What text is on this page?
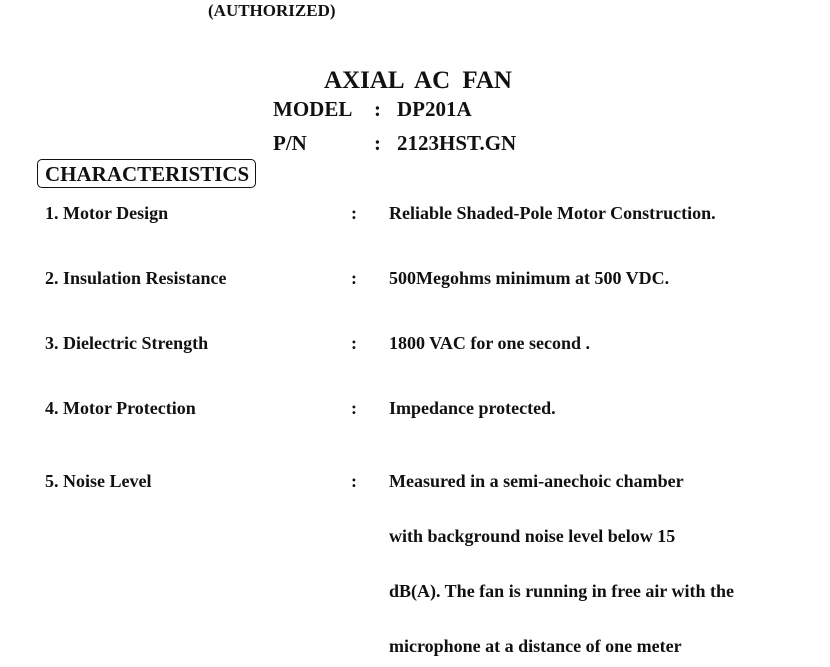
(AUTHORIZED)
AXIAL AC FAN
MODEL : DP201A
P/N	: 2123HST.GN
CHARACTERISTICS
1. Motor Design	: Reliable Shaded-Pole Motor Construction.
2. Insulation Resistance	: 500Megohms minimum at 500 VDC.
3. Dielectric Strength	: 1800 VAC for one second .
4. Motor Protection	: Impedance protected.
5. Noise Level	: Measured in a semi-anechoic chamber
with background noise level below 15
dB(A). The fan is running in free air with the
microphone at a distance of one meter
